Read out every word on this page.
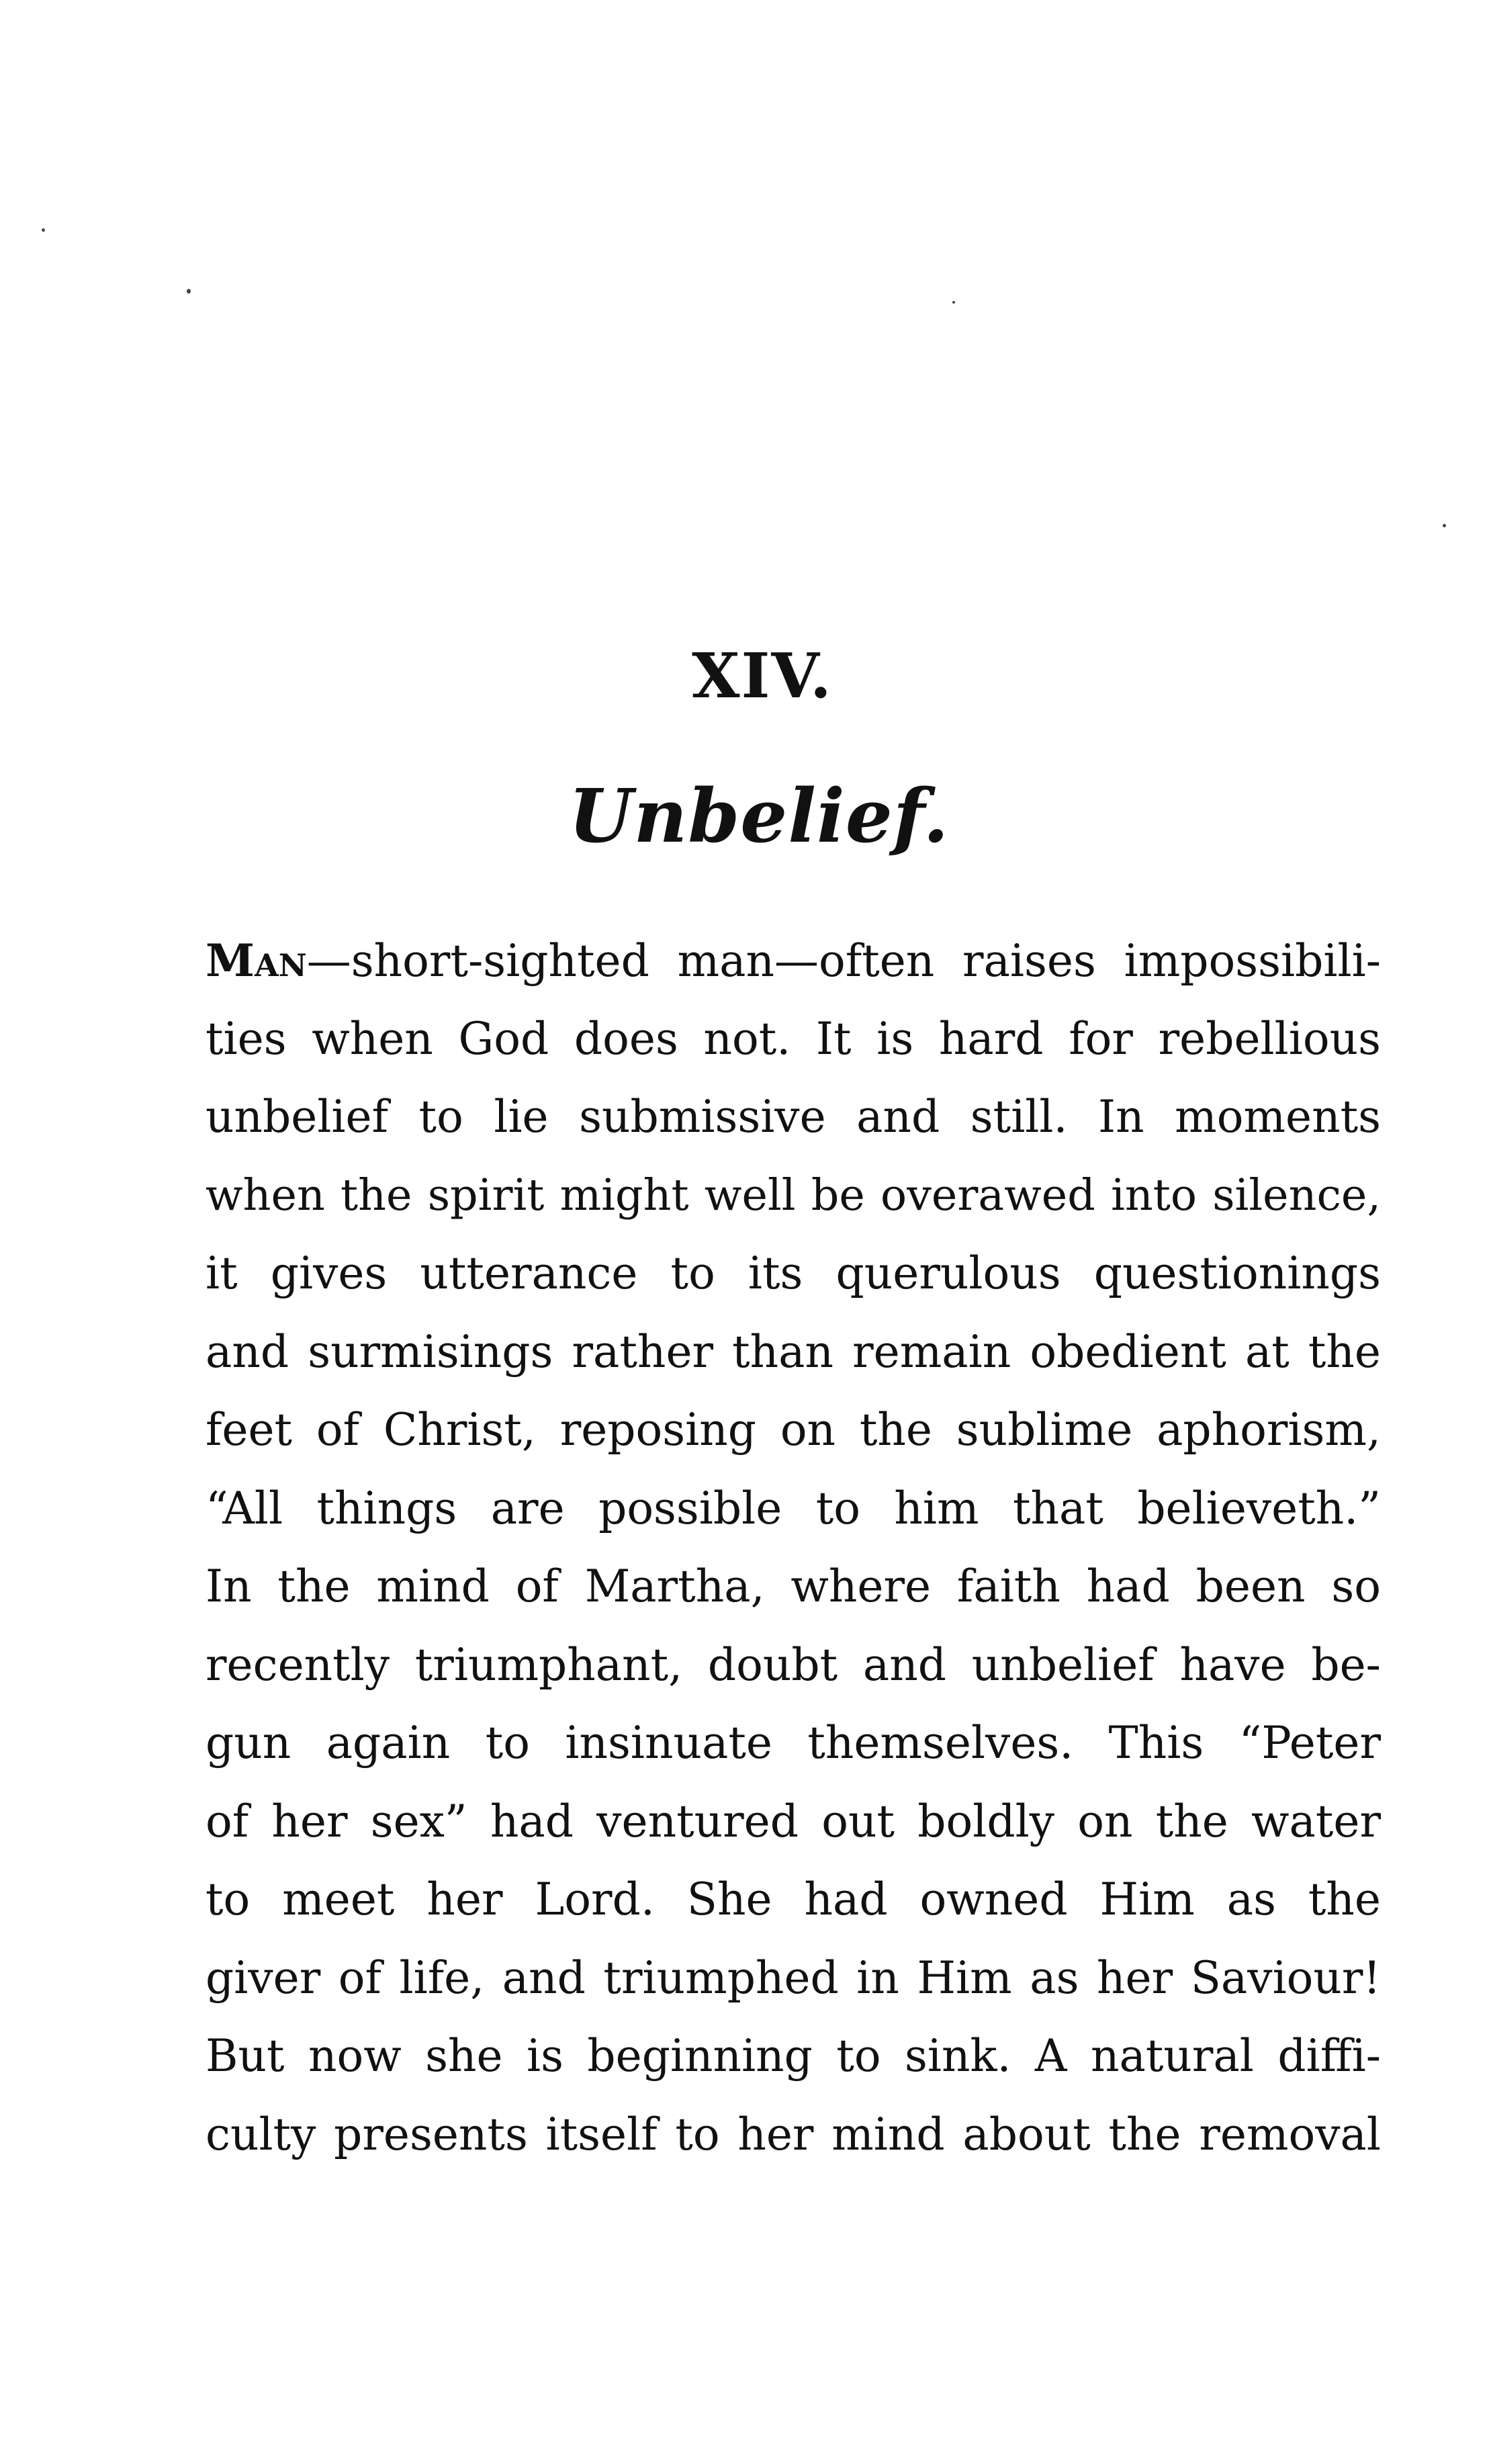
XIV.
Unbelief.
Man—short-sighted man—often raises impossibili-
ties when God does not. It is hard for rebellious
unbelief to lie submissive and still. In moments
when the spirit might well be overawed into silence,
it gives utterance to its querulous questionings
and surmisings rather than remain obedient at the
feet of Christ, reposing on the sublime aphorism,
“All things are possible to him that believeth.”
In the mind of Martha, where faith had been so
recently triumphant, doubt and unbelief have be-
gun again to insinuate themselves. This “Peter
of her sex” had ventured out boldly on the water
to meet her Lord. She had owned Him as the
giver of life, and triumphed in Him as her Saviour!
But now she is beginning to sink. A natural diffi-
culty presents itself to her mind about the removal
